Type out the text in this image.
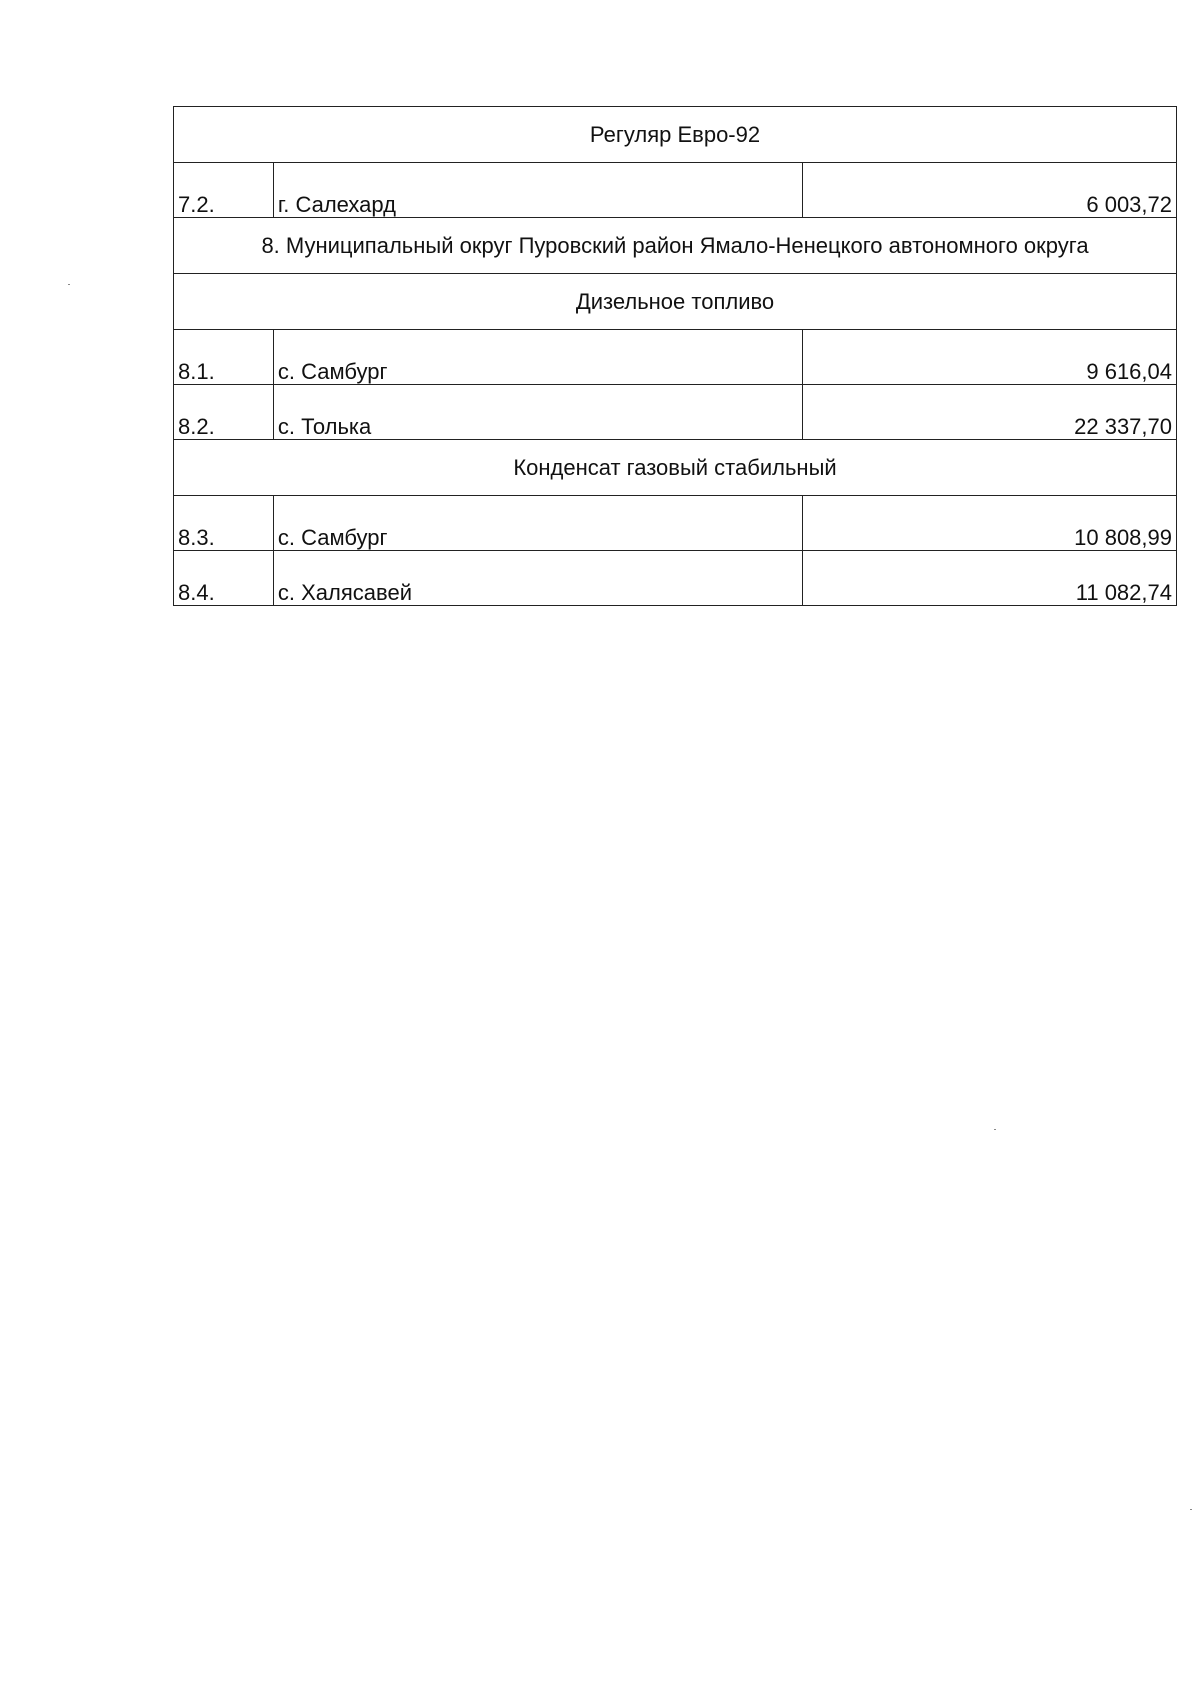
Регуляр Евро-92
7.2.	г. Салехард	6 003,72
8. Муниципальный округ Пуровский район Ямало-Ненецкого автономного округа
Дизельное топливо
8.1.	с. Самбург	9 616,04
8.2.	с. Толька	22 337,70
Конденсат газовый стабильный
8.3.	с. Самбург	10 808,99
8.4.	с. Халясавей	11 082,74
